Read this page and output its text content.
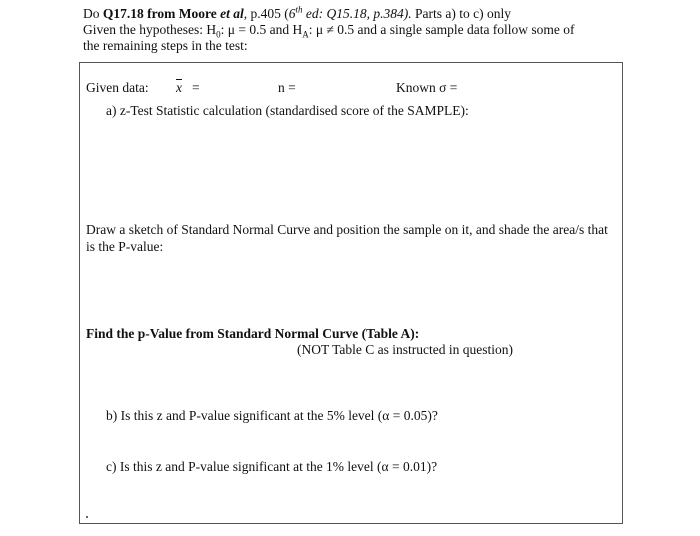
Do Q17.18 from Moore et al, p.405 (6th ed: Q15.18, p.384). Parts a) to c) only
Given the hypotheses: $H_0$: μ = 0.5 and $H_A$: μ ≠ 0.5 and a single sample data follow some of
the remaining steps in the test:
Given data: $\overline{x}$ =	n =	Known σ =
a) z-Test Statistic calculation (standardised score of the SAMPLE):
Draw a sketch of Standard Normal Curve and position the sample on it, and shade the area/s that is the P-value:
Find the p-Value from Standard Normal Curve (Table A):
(NOT Table C as instructed in question)
b) Is this z and P-value significant at the 5% level (α = 0.05)?
c) Is this z and P-value significant at the 1% level (α = 0.01)?
